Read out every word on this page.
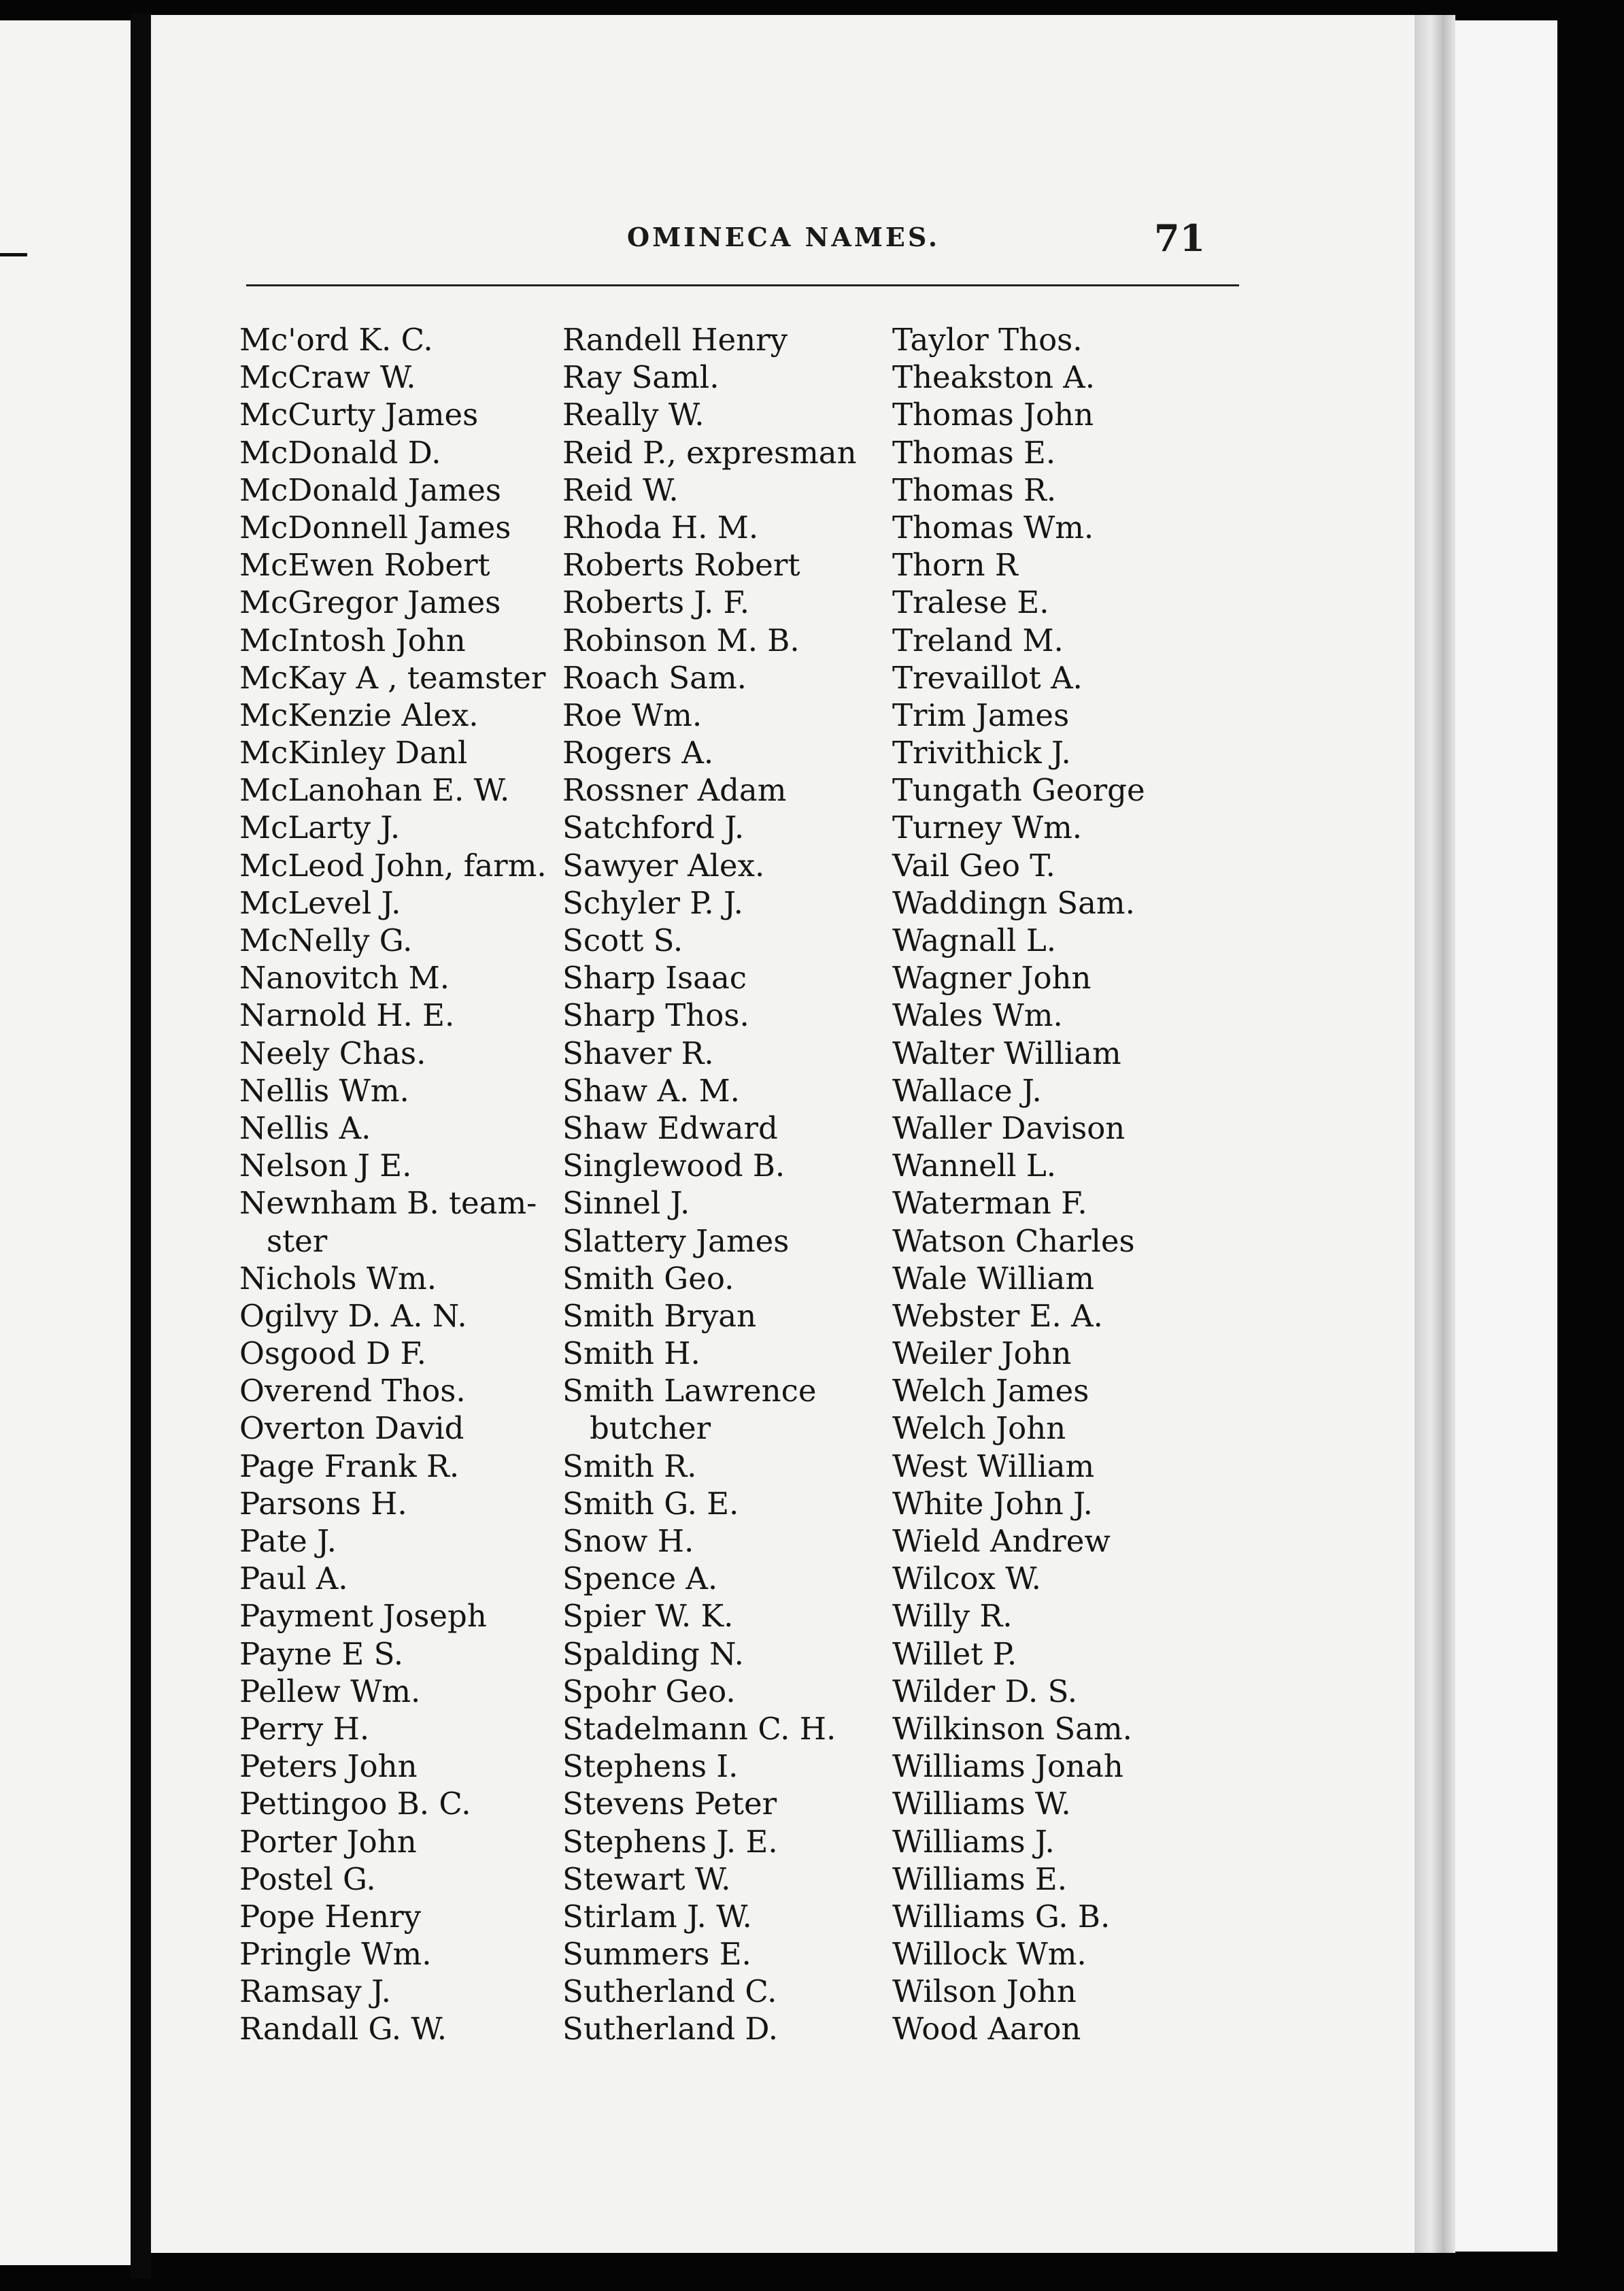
OMINECA NAMES.	71
Mc'ord K. C.
McCraw W.
McCurty James
McDonald D.
McDonald James
McDonnell James
McEwen Robert
McGregor James
McIntosh John
McKay A , teamster
McKenzie Alex.
McKinley Danl
McLanohan E. W.
McLarty J.
McLeod John, farm.
McLevel J.
McNelly G.
Nanovitch M.
Narnold H. E.
Neely Chas.
Nellis Wm.
Nellis A.
Nelson J E.
Newnham B. team-
ster
Nichols Wm.
Ogilvy D. A. N.
Osgood D F.
Overend Thos.
Overton David
Page Frank R.
Parsons H.
Pate J.
Paul A.
Payment Joseph
Payne E S.
Pellew Wm.
Perry H.
Peters John
Pettingoo B. C.
Porter John
Postel G.
Pope Henry
Pringle Wm.
Ramsay J.
Randall G. W.
Randell Henry
Ray Saml.
Really W.
Reid P., expresman
Reid W.
Rhoda H. M.
Roberts Robert
Roberts J. F.
Robinson M. B.
Roach Sam.
Roe Wm.
Rogers A.
Rossner Adam
Satchford J.
Sawyer Alex.
Schyler P. J.
Scott S.
Sharp Isaac
Sharp Thos.
Shaver R.
Shaw A. M.
Shaw Edward
Singlewood B.
Sinnel J.
Slattery James
Smith Geo.
Smith Bryan
Smith H.
Smith Lawrence
butcher
Smith R.
Smith G. E.
Snow H.
Spence A.
Spier W. K.
Spalding N.
Spohr Geo.
Stadelmann C. H.
Stephens I.
Stevens Peter
Stephens J. E.
Stewart W.
Stirlam J. W.
Summers E.
Sutherland C.
Sutherland D.
Taylor Thos.
Theakston A.
Thomas John
Thomas E.
Thomas R.
Thomas Wm.
Thorn R
Tralese E.
Treland M.
Trevaillot A.
Trim James
Trivithick J.
Tungath George
Turney Wm.
Vail Geo T.
Waddingn Sam.
Wagnall L.
Wagner John
Wales Wm.
Walter William
Wallace J.
Waller Davison
Wannell L.
Waterman F.
Watson Charles
Wale William
Webster E. A.
Weiler John
Welch James
Welch John
West William
White John J.
Wield Andrew
Wilcox W.
Willy R.
Willet P.
Wilder D. S.
Wilkinson Sam.
Williams Jonah
Williams W.
Williams J.
Williams E.
Williams G. B.
Willock Wm.
Wilson John
Wood Aaron
